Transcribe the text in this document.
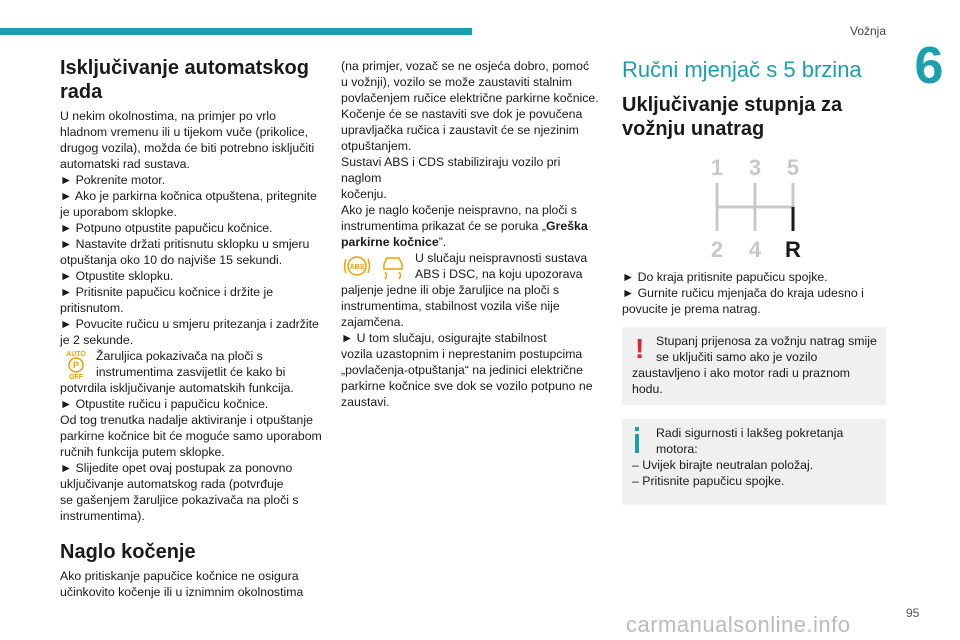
Vožnja
6
Isključivanje automatskog rada
U nekim okolnostima, na primjer po vrlo
hladnom vremenu ili u tijekom vuče (prikolice,
drugog vozila), možda će biti potrebno isključiti
automatski rad sustava.
► Pokrenite motor.
► Ako je parkirna kočnica otpuštena, pritegnite
je uporabom sklopke.
► Potpuno otpustite papučicu kočnice.
► Nastavite držati pritisnutu sklopku u smjeru
otpuštanja oko 10 do najviše 15 sekundi.
► Otpustite sklopku.
► Pritisnite papučicu kočnice i držite je
pritisnutom.
► Povucite ručicu u smjeru pritezanja i zadržite
je 2 sekunde.
AUTO
P
OFF
Žaruljica pokazivača na ploči s
instrumentima zasvijetlit će kako bi
potvrdila isključivanje automatskih funkcija.
► Otpustite ručicu i papučicu kočnice.
Od tog trenutka nadalje aktiviranje i otpuštanje
parkirne kočnice bit će moguće samo uporabom
ručnih funkcija putem sklopke.
► Slijedite opet ovaj postupak za ponovno
uključivanje automatskog rada (potvrđuje
se gašenjem žaruljice pokazivača na ploči s
instrumentima).
Naglo kočenje
Ako pritiskanje papučice kočnice ne osigura
učinkovito kočenje ili u iznimnim okolnostima
(na primjer, vozač se ne osjeća dobro, pomoć
u vožnji), vozilo se može zaustaviti stalnim
povlačenjem ručice električne parkirne kočnice.
Kočenje će se nastaviti sve dok je povučena
upravljačka ručica i zaustavit će se njezinim
otpuštanjem.
Sustavi ABS i CDS stabiliziraju vozilo pri naglom
kočenju.
Ako je naglo kočenje neispravno, na ploči s
instrumentima prikazat će se poruka „Greška
parkirne kočnice”.
ABS
U slučaju neispravnosti sustava
ABS i DSC, na koju upozorava
paljenje jedne ili obje žaruljice na ploči s
instrumentima, stabilnost vozila više nije
zajamčena.
► U tom slučaju, osigurajte stabilnost
vozila uzastopnim i neprestanim postupcima
„povlačenja-otpuštanja“ na jedinici električne
parkirne kočnice sve dok se vozilo potpuno ne
zaustavi.
Ručni mjenjač s 5 brzina
Uključivanje stupnja za vožnju unatrag
1 3 5
2 4 R
► Do kraja pritisnite papučicu spojke.
► Gurnite ručicu mjenjača do kraja udesno i
povucite je prema natrag.
! Stupanj prijenosa za vožnju natrag smije
se uključiti samo ako je vozilo
zaustavljeno i ako motor radi u praznom
hodu.
Radi sigurnosti i lakšeg pokretanja
motora:
– Uvijek birajte neutralan položaj.
– Pritisnite papučicu spojke.
carmanualsonline.info	95
